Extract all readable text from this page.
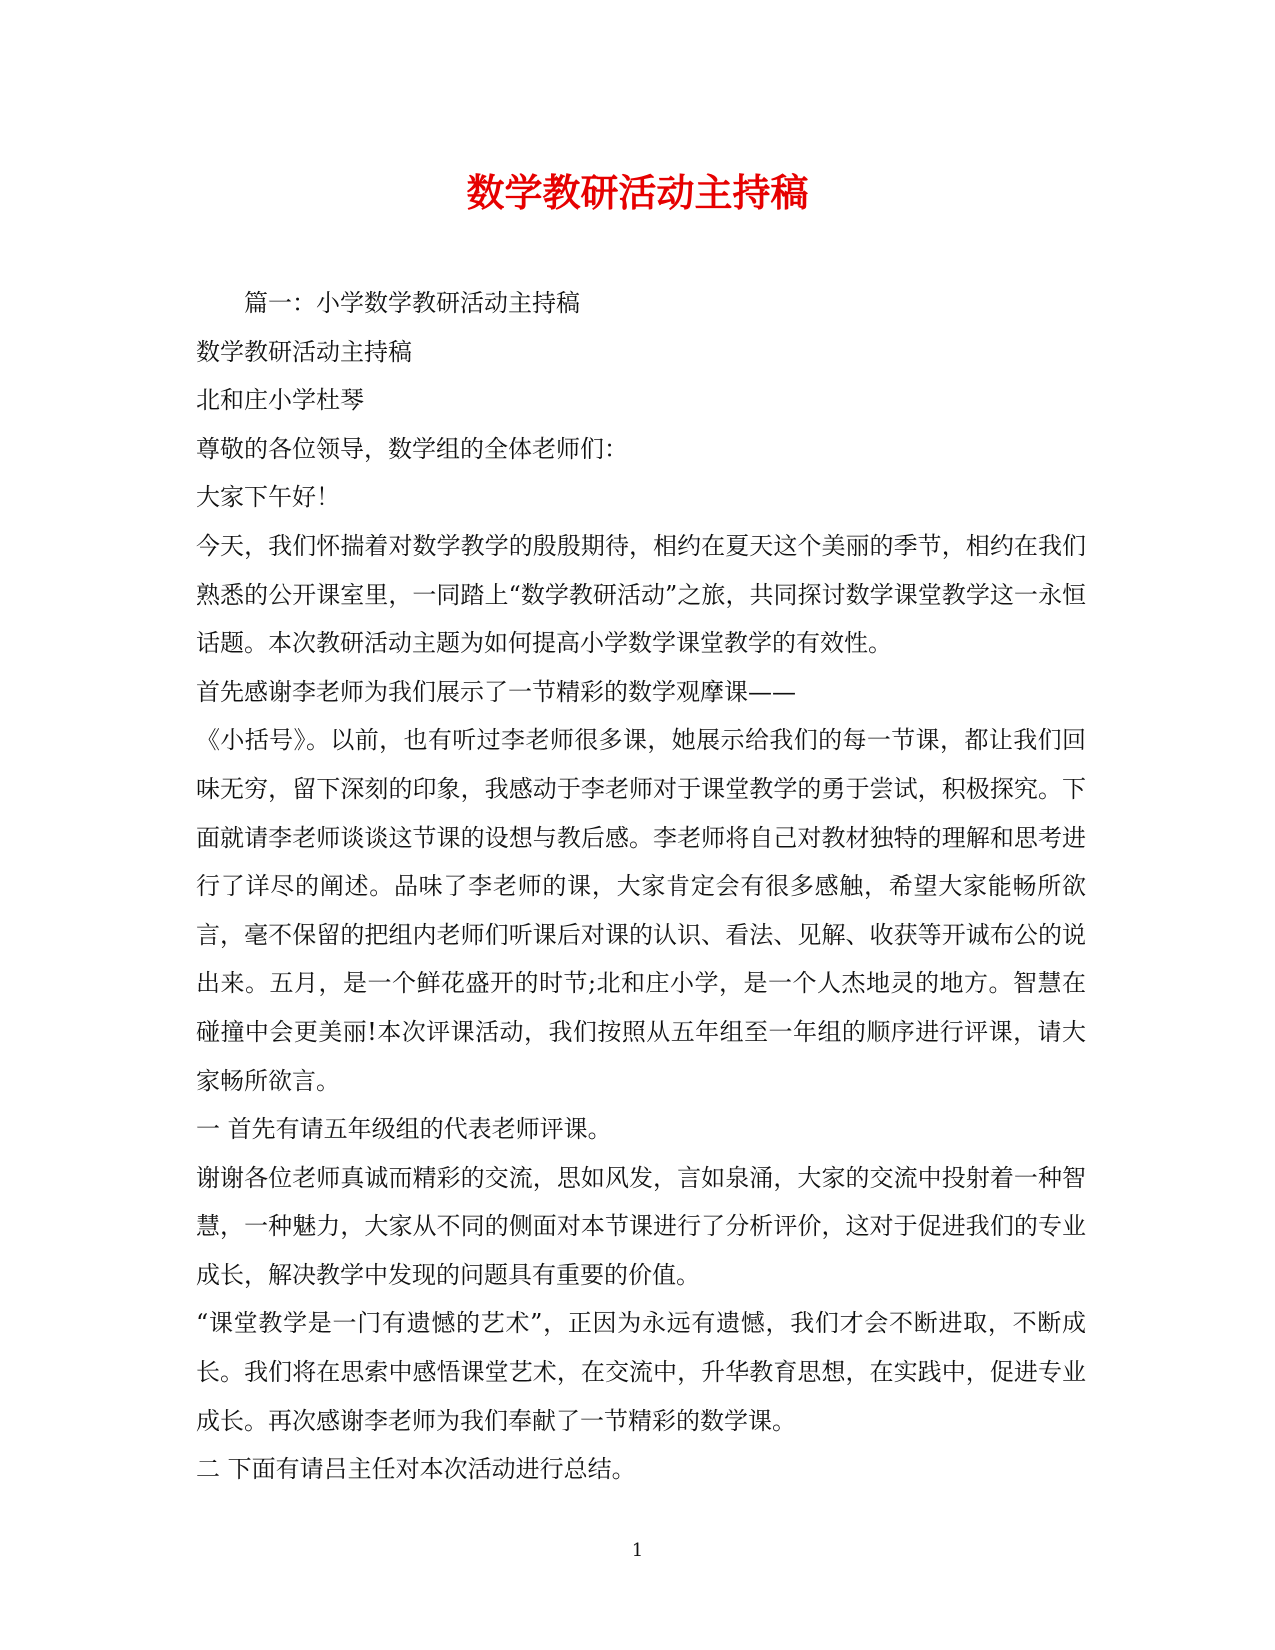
数学教研活动主持稿

篇一：小学数学教研活动主持稿

数学教研活动主持稿

北和庄小学杜琴

尊敬的各位领导，数学组的全体老师们：

大家下午好！

今天，我们怀揣着对数学教学的殷殷期待，相约在夏天这个美丽的季节，相约在我们熟悉的公开课室里，一同踏上“数学教研活动”之旅，共同探讨数学课堂教学这一永恒话题。本次教研活动主题为如何提高小学数学课堂教学的有效性。

首先感谢李老师为我们展示了一节精彩的数学观摩课——

《小括号》。以前，也有听过李老师很多课，她展示给我们的每一节课，都让我们回味无穷，留下深刻的印象，我感动于李老师对于课堂教学的勇于尝试，积极探究。下面就请李老师谈谈这节课的设想与教后感。李老师将自己对教材独特的理解和思考进行了详尽的阐述。品味了李老师的课，大家肯定会有很多感触，希望大家能畅所欲言，毫不保留的把组内老师们听课后对课的认识、看法、见解、收获等开诚布公的说出来。五月，是一个鲜花盛开的时节;北和庄小学，是一个人杰地灵的地方。智慧在碰撞中会更美丽!本次评课活动，我们按照从五年组至一年组的顺序进行评课，请大家畅所欲言。

一 首先有请五年级组的代表老师评课。

谢谢各位老师真诚而精彩的交流，思如风发，言如泉涌，大家的交流中投射着一种智慧，一种魅力，大家从不同的侧面对本节课进行了分析评价，这对于促进我们的专业成长，解决教学中发现的问题具有重要的价值。

“课堂教学是一门有遗憾的艺术”，正因为永远有遗憾，我们才会不断进取，不断成长。我们将在思索中感悟课堂艺术，在交流中，升华教育思想，在实践中，促进专业成长。再次感谢李老师为我们奉献了一节精彩的数学课。

二 下面有请吕主任对本次活动进行总结。

1
